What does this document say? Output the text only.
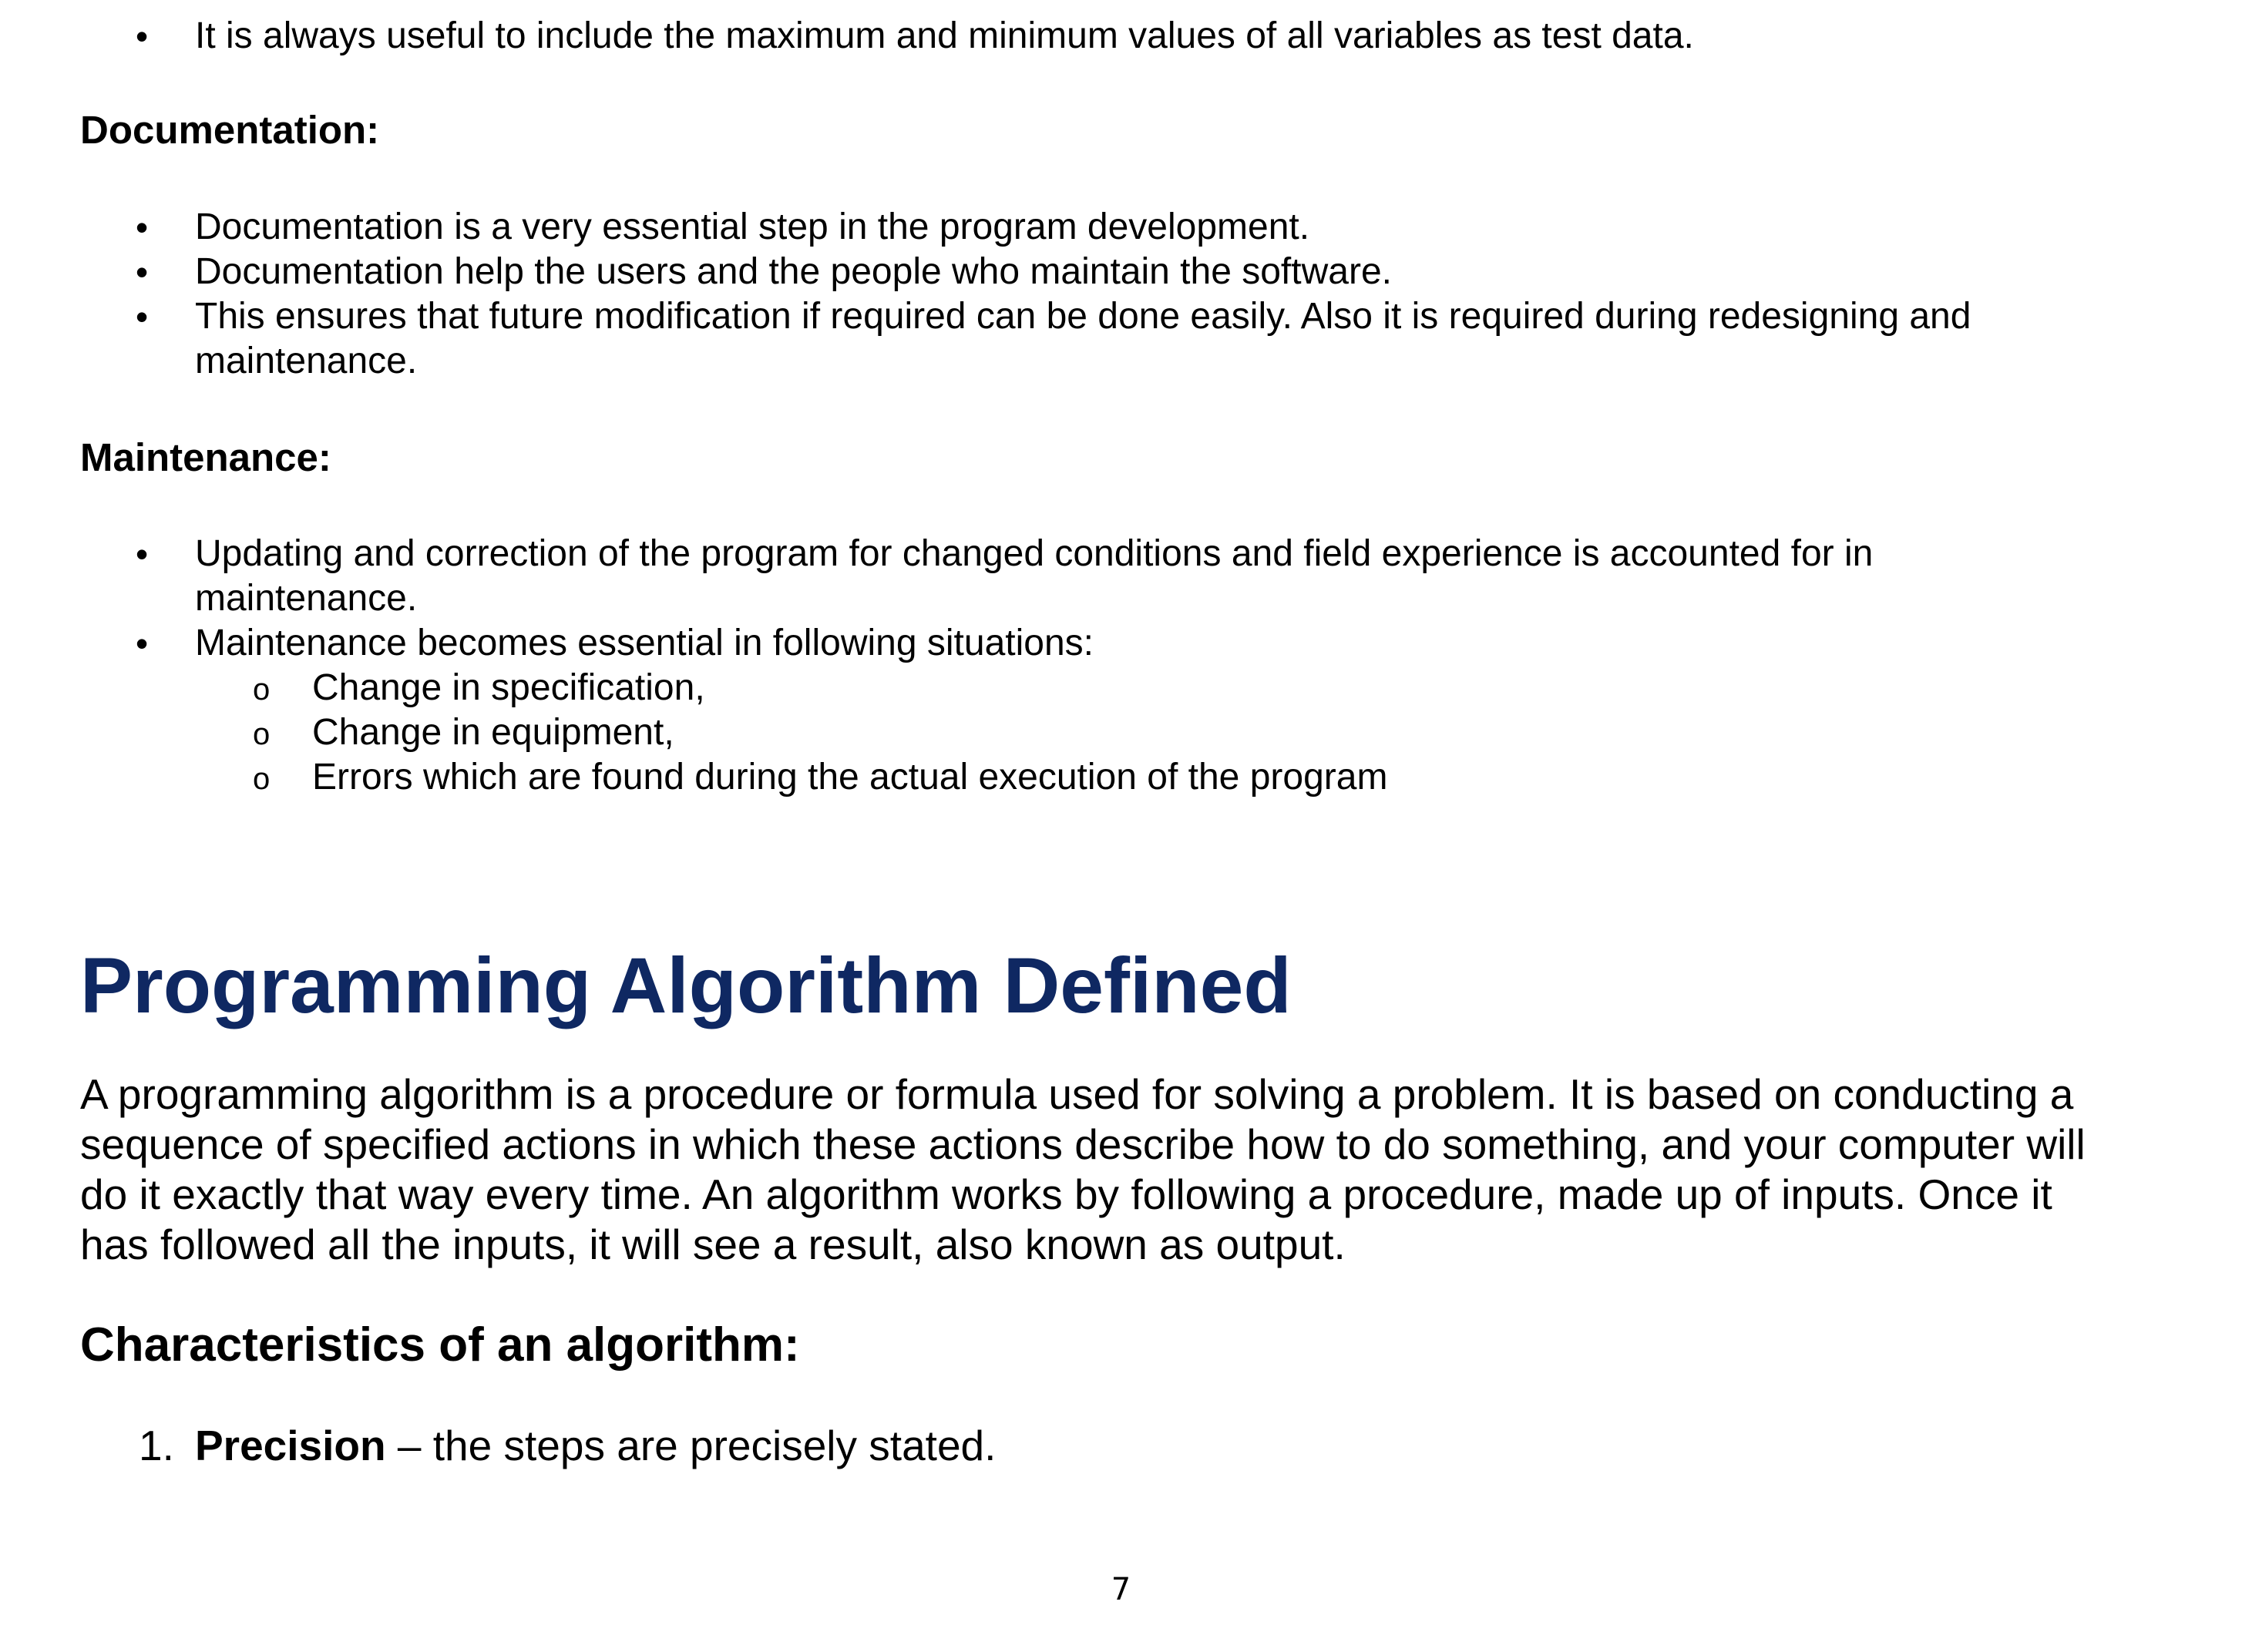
• It is always useful to include the maximum and minimum values of all variables as test data.
Documentation:
• Documentation is a very essential step in the program development.
• Documentation help the users and the people who maintain the software.
• This ensures that future modification if required can be done easily. Also it is required during redesigning and
maintenance.
Maintenance:
• Updating and correction of the program for changed conditions and field experience is accounted for in
maintenance.
• Maintenance becomes essential in following situations:
o Change in specification,
o Change in equipment,
o Errors which are found during the actual execution of the program
Programming Algorithm Defined
A programming algorithm is a procedure or formula used for solving a problem. It is based on conducting a
sequence of specified actions in which these actions describe how to do something, and your computer will
do it exactly that way every time. An algorithm works by following a procedure, made up of inputs. Once it
has followed all the inputs, it will see a result, also known as output.
Characteristics of an algorithm:
1. Precision – the steps are precisely stated.
7
